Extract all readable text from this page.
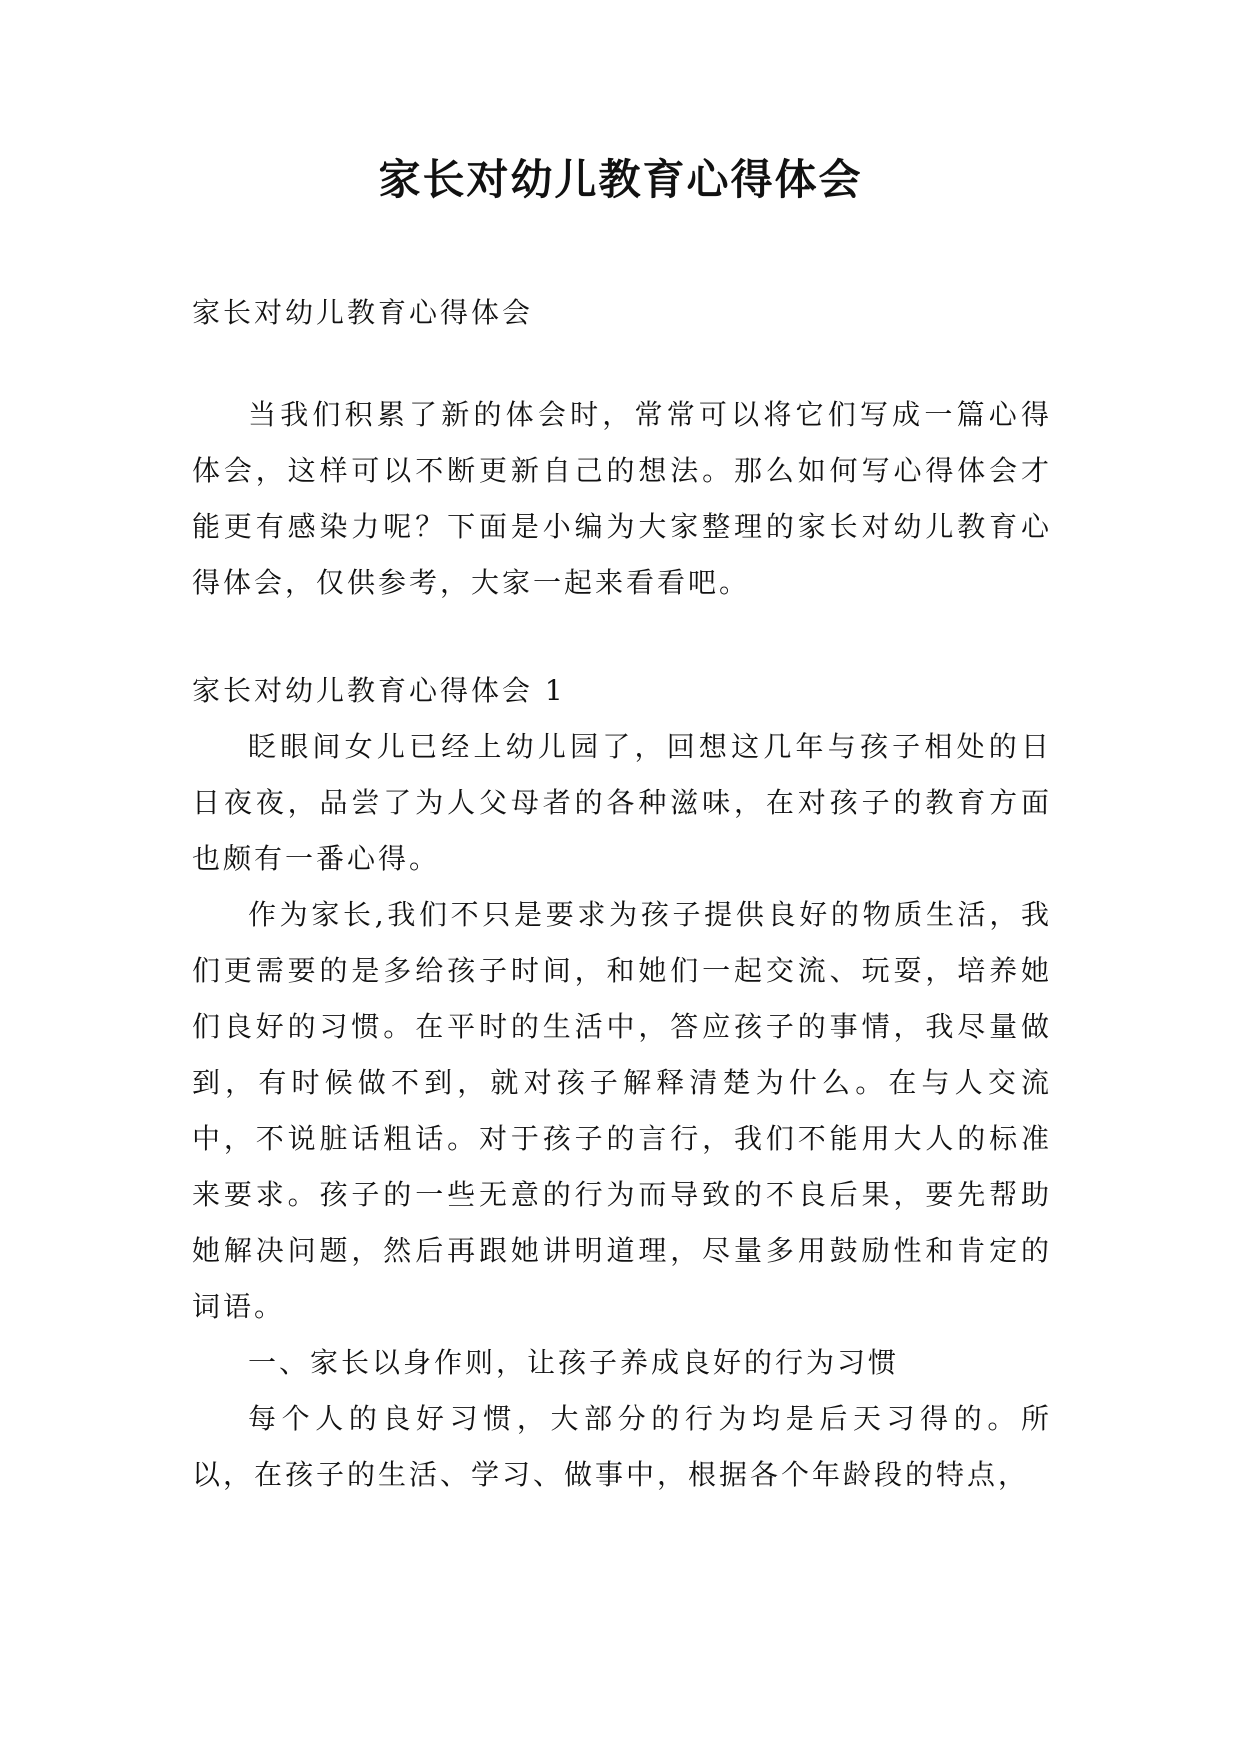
家长对幼儿教育心得体会

家长对幼儿教育心得体会

当我们积累了新的体会时，常常可以将它们写成一篇心得体会，这样可以不断更新自己的想法。那么如何写心得体会才能更有感染力呢？下面是小编为大家整理的家长对幼儿教育心得体会，仅供参考，大家一起来看看吧。

家长对幼儿教育心得体会 1

眨眼间女儿已经上幼儿园了，回想这几年与孩子相处的日日夜夜，品尝了为人父母者的各种滋味，在对孩子的教育方面也颇有一番心得。

作为家长,我们不只是要求为孩子提供良好的物质生活，我们更需要的是多给孩子时间，和她们一起交流、玩耍，培养她们良好的习惯。在平时的生活中，答应孩子的事情，我尽量做到，有时候做不到，就对孩子解释清楚为什么。在与人交流中，不说脏话粗话。对于孩子的言行，我们不能用大人的标准来要求。孩子的一些无意的行为而导致的不良后果，要先帮助她解决问题，然后再跟她讲明道理，尽量多用鼓励性和肯定的词语。

一、家长以身作则，让孩子养成良好的行为习惯

每个人的良好习惯，大部分的行为均是后天习得的。所以，在孩子的生活、学习、做事中，根据各个年龄段的特点，
